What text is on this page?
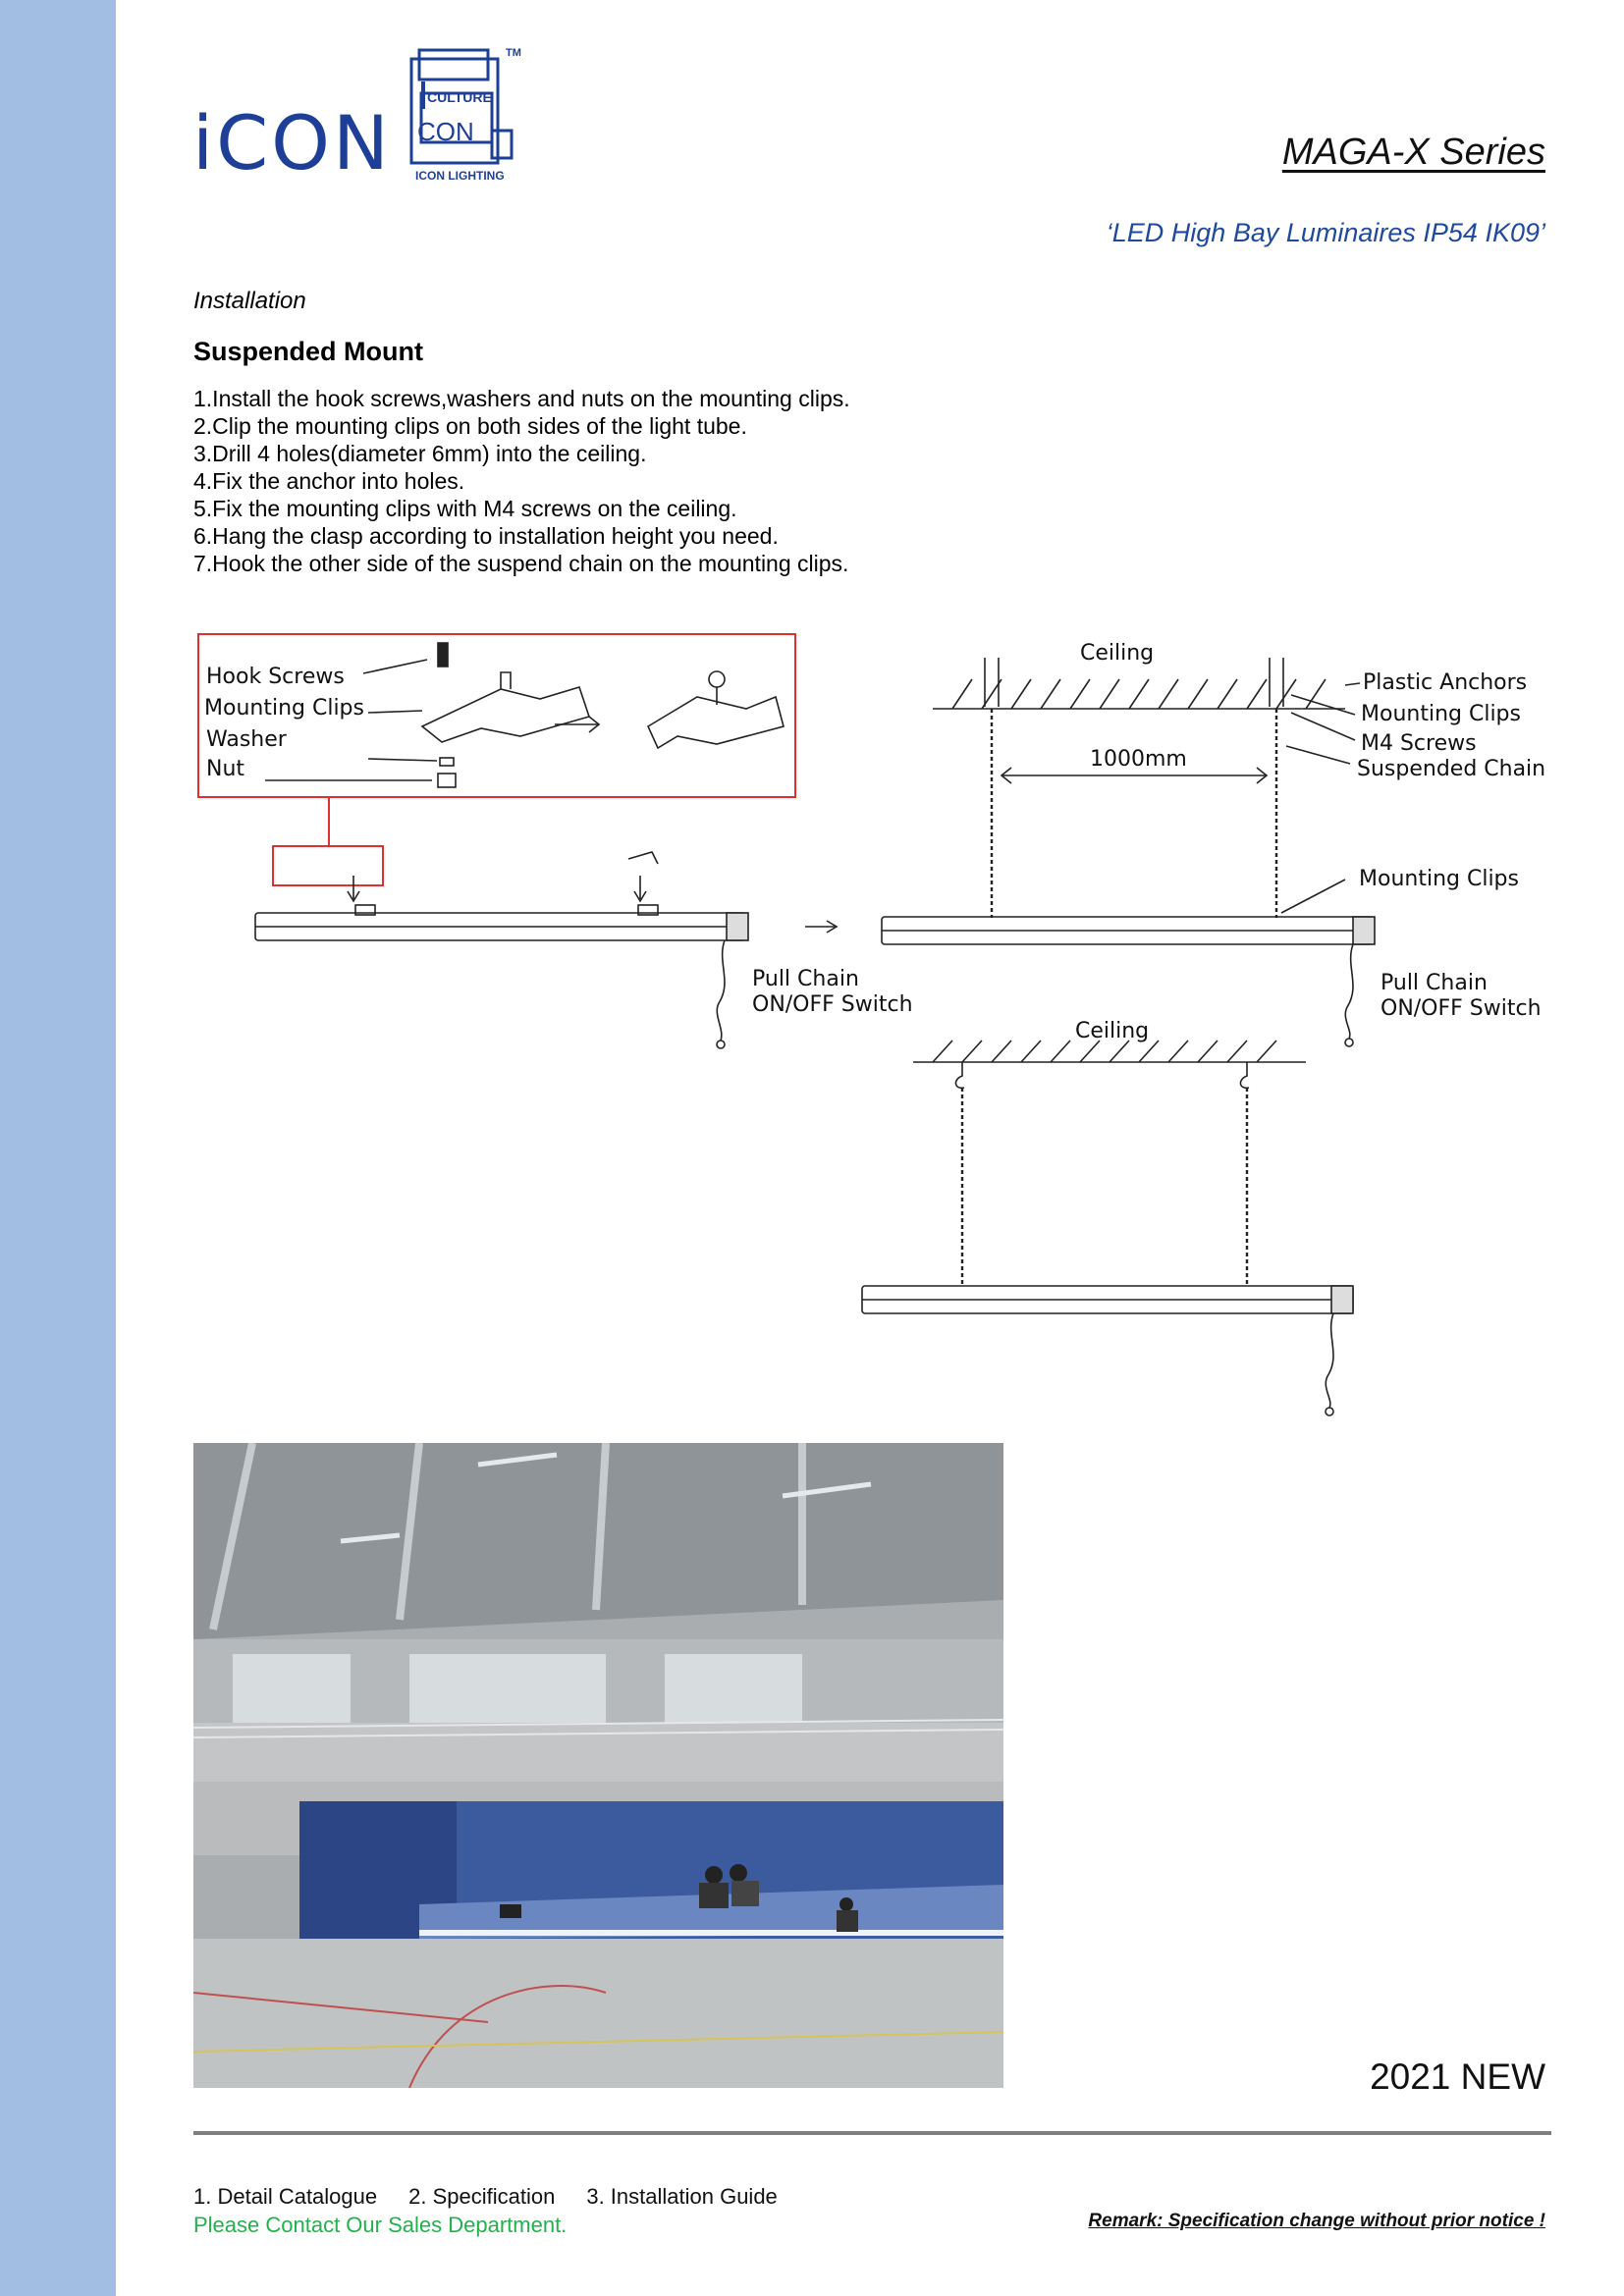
iCON
CULTURE
CON
ICON LIGHTING
TM
MAGA-X Series
‘LED High Bay Luminaires IP54 IK09’
Installation
Suspended Mount
1.Install the hook screws,washers and nuts on the mounting clips.
2.Clip the mounting clips on both sides of the light tube.
3.Drill 4 holes(diameter 6mm) into the ceiling.
4.Fix the anchor into holes.
5.Fix the mounting clips with M4 screws on the ceiling.
6.Hang the clasp according to installation height you need.
7.Hook the other side of the suspend chain on the mounting clips.
Hook Screws
Mounting Clips
Washer
Nut
Ceiling
Plastic Anchors
Mounting Clips
M4 Screws
Suspended Chain
1000mm
Mounting Clips
Pull Chain
ON/OFF Switch
Pull Chain
ON/OFF Switch
Ceiling
2021 NEW
1. Detail Catalogue 2. Specification 3. Installation Guide
Please Contact Our Sales Department.	Remark: Specification change without prior notice !
